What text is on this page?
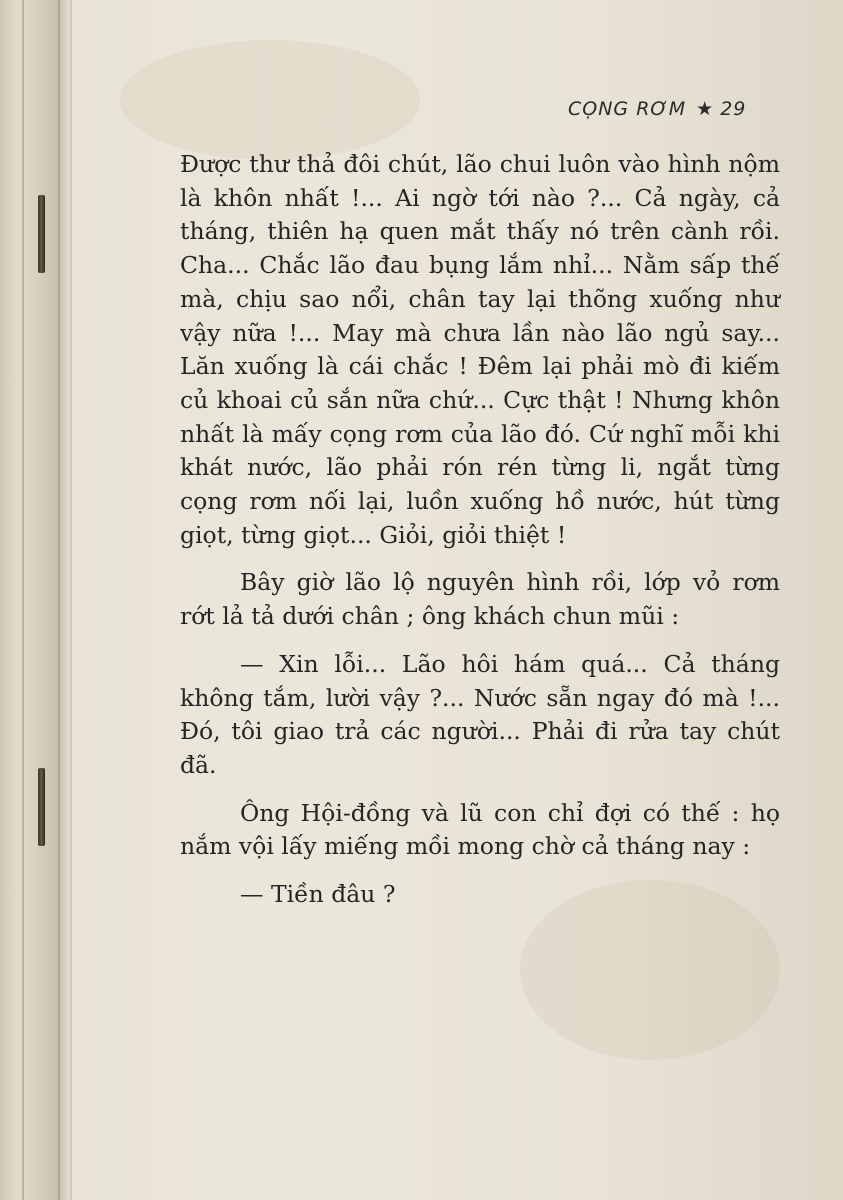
CỌNG RƠM ★ 29

Được thư thả đôi chút, lão chui luôn vào hình nộm là khôn nhất !... Ai ngờ tới nào ?... Cả ngày, cả tháng, thiên hạ quen mắt thấy nó trên cành rồi. Cha... Chắc lão đau bụng lắm nhỉ... Nằm sấp thế mà, chịu sao nổi, chân tay lại thõng xuống như vậy nữa !... May mà chưa lần nào lão ngủ say... Lăn xuống là cái chắc ! Đêm lại phải mò đi kiếm củ khoai củ sắn nữa chứ... Cực thật ! Nhưng khôn nhất là mấy cọng rơm của lão đó. Cứ nghĩ mỗi khi khát nước, lão phải rón rén từng li, ngắt từng cọng rơm nối lại, luồn xuống hồ nước, hút từng giọt, từng giọt... Giỏi, giỏi thiệt !

Bây giờ lão lộ nguyên hình rồi, lớp vỏ rơm rớt lả tả dưới chân ; ông khách chun mũi :

— Xin lỗi... Lão hôi hám quá... Cả tháng không tắm, lười vậy ?... Nước sẵn ngay đó mà !... Đó, tôi giao trả các người... Phải đi rửa tay chút đã.

Ông Hội-đồng và lũ con chỉ đợi có thế : họ nắm vội lấy miếng mồi mong chờ cả tháng nay :

— Tiền đâu ?
